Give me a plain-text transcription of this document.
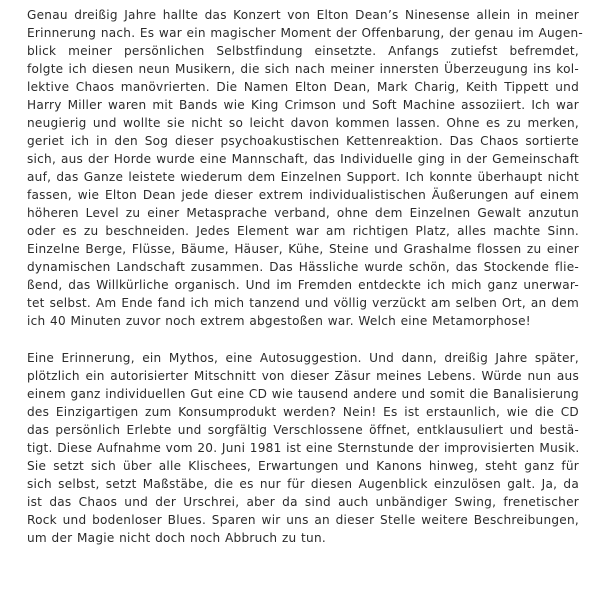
Genau dreißig Jahre hallte das Konzert von Elton Dean’s Ninesense allein in meiner
Erinnerung nach. Es war ein magischer Moment der Offenbarung, der genau im Augen-
blick meiner persönlichen Selbstfindung einsetzte. Anfangs zutiefst befremdet,
folgte ich diesen neun Musikern, die sich nach meiner innersten Überzeugung ins kol-
lektive Chaos manövrierten. Die Namen Elton Dean, Mark Charig, Keith Tippett und
Harry Miller waren mit Bands wie King Crimson und Soft Machine assoziiert. Ich war
neugierig und wollte sie nicht so leicht davon kommen lassen. Ohne es zu merken,
geriet ich in den Sog dieser psychoakustischen Kettenreaktion. Das Chaos sortierte
sich, aus der Horde wurde eine Mannschaft, das Individuelle ging in der Gemeinschaft
auf, das Ganze leistete wiederum dem Einzelnen Support. Ich konnte überhaupt nicht
fassen, wie Elton Dean jede dieser extrem individualistischen Äußerungen auf einem
höheren Level zu einer Metasprache verband, ohne dem Einzelnen Gewalt anzutun
oder es zu beschneiden. Jedes Element war am richtigen Platz, alles machte Sinn.
Einzelne Berge, Flüsse, Bäume, Häuser, Kühe, Steine und Grashalme flossen zu einer
dynamischen Landschaft zusammen. Das Hässliche wurde schön, das Stockende flie-
ßend, das Willkürliche organisch. Und im Fremden entdeckte ich mich ganz unerwar-
tet selbst. Am Ende fand ich mich tanzend und völlig verzückt am selben Ort, an dem
ich 40 Minuten zuvor noch extrem abgestoßen war. Welch eine Metamorphose!
Eine Erinnerung, ein Mythos, eine Autosuggestion. Und dann, dreißig Jahre später,
plötzlich ein autorisierter Mitschnitt von dieser Zäsur meines Lebens. Würde nun aus
einem ganz individuellen Gut eine CD wie tausend andere und somit die Banalisierung
des Einzigartigen zum Konsumprodukt werden? Nein! Es ist erstaunlich, wie die CD
das persönlich Erlebte und sorgfältig Verschlossene öffnet, entklausuliert und bestä-
tigt. Diese Aufnahme vom 20. Juni 1981 ist eine Sternstunde der improvisierten Musik.
Sie setzt sich über alle Klischees, Erwartungen und Kanons hinweg, steht ganz für
sich selbst, setzt Maßstäbe, die es nur für diesen Augenblick einzulösen galt. Ja, da
ist das Chaos und der Urschrei, aber da sind auch unbändiger Swing, frenetischer
Rock und bodenloser Blues. Sparen wir uns an dieser Stelle weitere Beschreibungen,
um der Magie nicht doch noch Abbruch zu tun.
